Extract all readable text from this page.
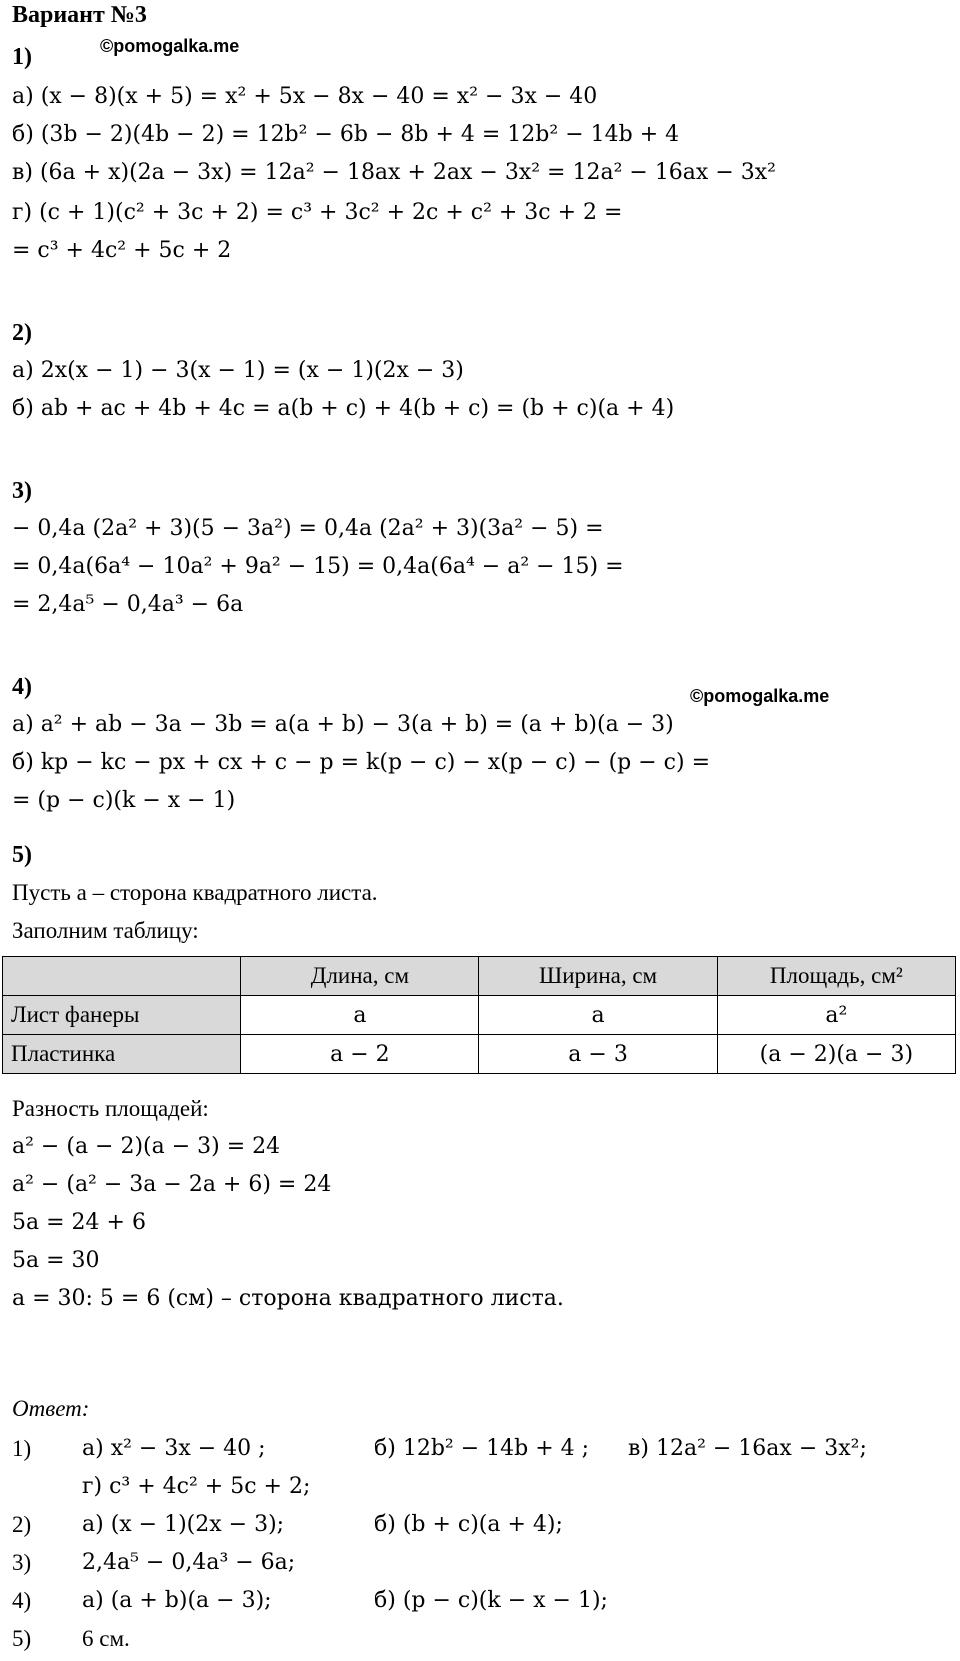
Вариант №3
1)	©pomogalka.me
а) (x − 8)(x + 5) = x² + 5x − 8x − 40 = x² − 3x − 40
б) (3b − 2)(4b − 2) = 12b² − 6b − 8b + 4 = 12b² − 14b + 4
в) (6a + x)(2a − 3x) = 12a² − 18ax + 2ax − 3x² = 12a² − 16ax − 3x²
г) (c + 1)(c² + 3c + 2) = c³ + 3c² + 2c + c² + 3c + 2 =
= c³ + 4c² + 5c + 2
2)
а) 2x(x − 1) − 3(x − 1) = (x − 1)(2x − 3)
б) ab + ac + 4b + 4c = a(b + c) + 4(b + c) = (b + c)(a + 4)
3)
− 0,4a (2a² + 3)(5 − 3a²) = 0,4a (2a² + 3)(3a² − 5) =
= 0,4a(6a⁴ − 10a² + 9a² − 15) = 0,4a(6a⁴ − a² − 15) =
= 2,4a⁵ − 0,4a³ − 6a
4)	©pomogalka.me
а) a² + ab − 3a − 3b = a(a + b) − 3(a + b) = (a + b)(a − 3)
б) kp − kc − px + cx + c − p = k(p − c) − x(p − c) − (p − c) =
= (p − c)(k − x − 1)
5)
Пусть a – сторона квадратного листа.
Заполним таблицу:
	Длина, см	Ширина, см	Площадь, см²
Лист фанеры	a	a	a²
Пластинка	a − 2	a − 3	(a − 2)(a − 3)
Разность площадей:
a² − (a − 2)(a − 3) = 24
a² − (a² − 3a − 2a + 6) = 24
5a = 24 + 6
5a = 30
a = 30: 5 = 6 (см) – сторона квадратного листа.
Ответ:
1) а) x² − 3x − 40 ;	б) 12b² − 14b + 4 ; в) 12a² − 16ax − 3x²;
г) c³ + 4c² + 5c + 2;
2) а) (x − 1)(2x − 3);	б) (b + c)(a + 4);
3) 2,4a⁵ − 0,4a³ − 6a;
4) а) (a + b)(a − 3);	б) (p − c)(k − x − 1);
5) 6 см.
